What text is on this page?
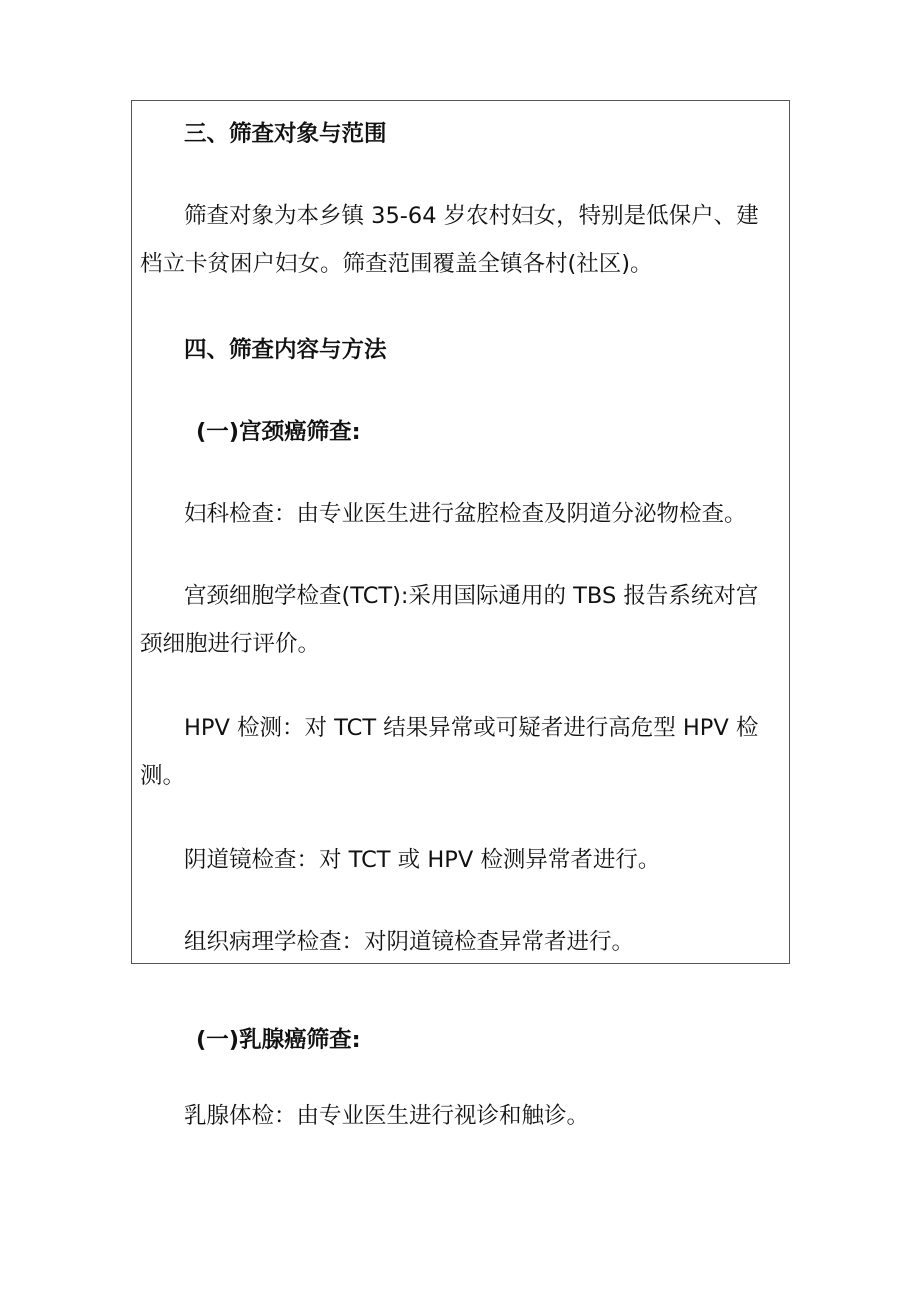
三、筛查对象与范围
筛查对象为本乡镇 35-64 岁农村妇女，特别是低保户、建
档立卡贫困户妇女。筛查范围覆盖全镇各村(社区)。
四、筛查内容与方法
(一)宫颈癌筛查:
妇科检查：由专业医生进行盆腔检查及阴道分泌物检查。
宫颈细胞学检查(TCT):采用国际通用的 TBS 报告系统对宫
颈细胞进行评价。
HPV 检测：对 TCT 结果异常或可疑者进行高危型 HPV 检
测。
阴道镜检查：对 TCT 或 HPV 检测异常者进行。
组织病理学检查：对阴道镜检查异常者进行。
(一)乳腺癌筛查:
乳腺体检：由专业医生进行视诊和触诊。
